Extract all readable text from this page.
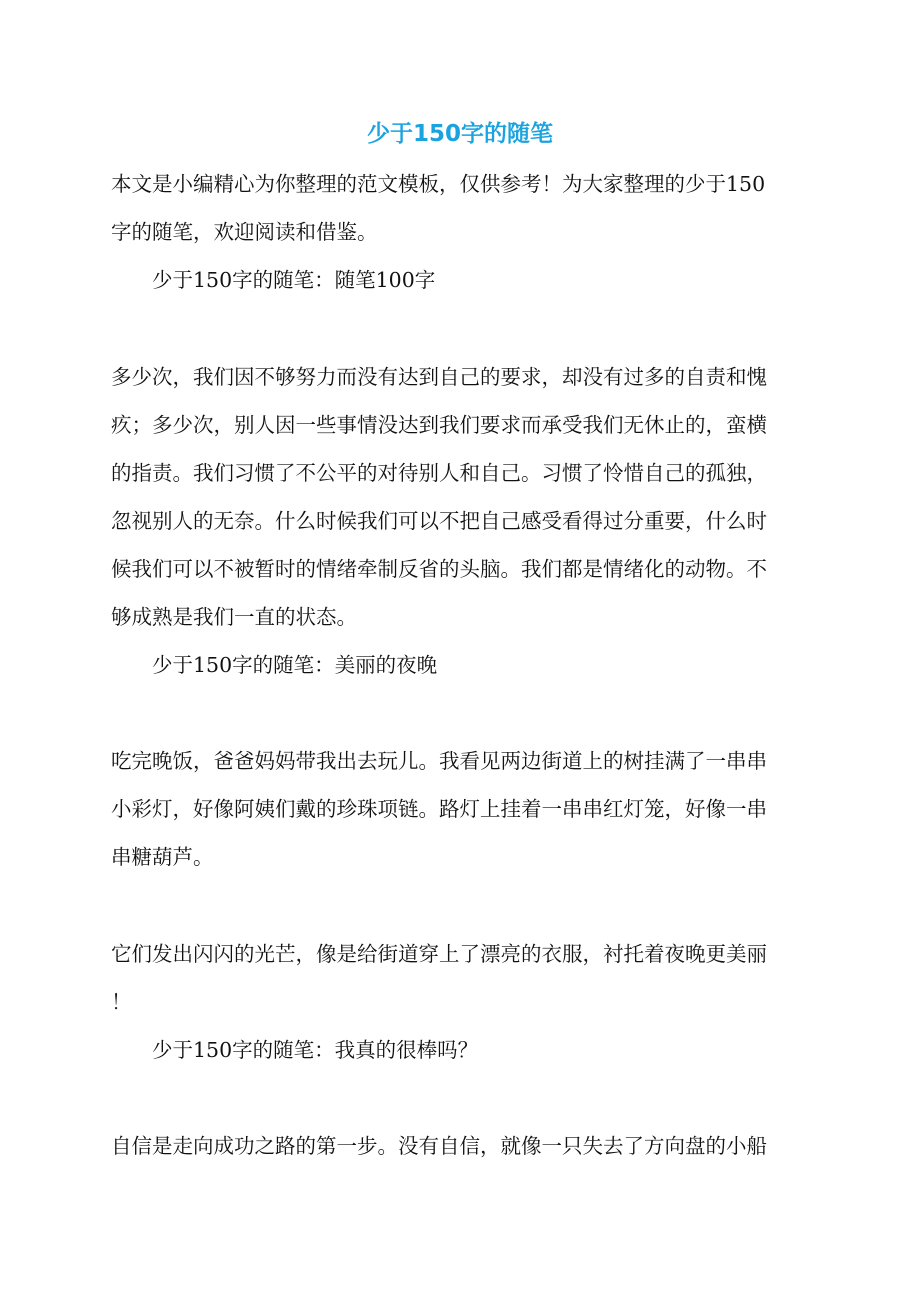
少于150字的随笔

本文是小编精心为你整理的范文模板，仅供参考！为大家整理的少于150
字的随笔，欢迎阅读和借鉴。

少于150字的随笔：随笔100字

多少次，我们因不够努力而没有达到自己的要求，却没有过多的自责和愧
疚；多少次，别人因一些事情没达到我们要求而承受我们无休止的，蛮横
的指责。我们习惯了不公平的对待别人和自己。习惯了怜惜自己的孤独，
忽视别人的无奈。什么时候我们可以不把自己感受看得过分重要，什么时
候我们可以不被暂时的情绪牵制反省的头脑。我们都是情绪化的动物。不
够成熟是我们一直的状态。

少于150字的随笔：美丽的夜晚

吃完晚饭，爸爸妈妈带我出去玩儿。我看见两边街道上的树挂满了一串串
小彩灯，好像阿姨们戴的珍珠项链。路灯上挂着一串串红灯笼，好像一串
串糖葫芦。

它们发出闪闪的光芒，像是给街道穿上了漂亮的衣服，衬托着夜晚更美丽
！

少于150字的随笔：我真的很棒吗？

自信是走向成功之路的第一步。没有自信，就像一只失去了方向盘的小船
